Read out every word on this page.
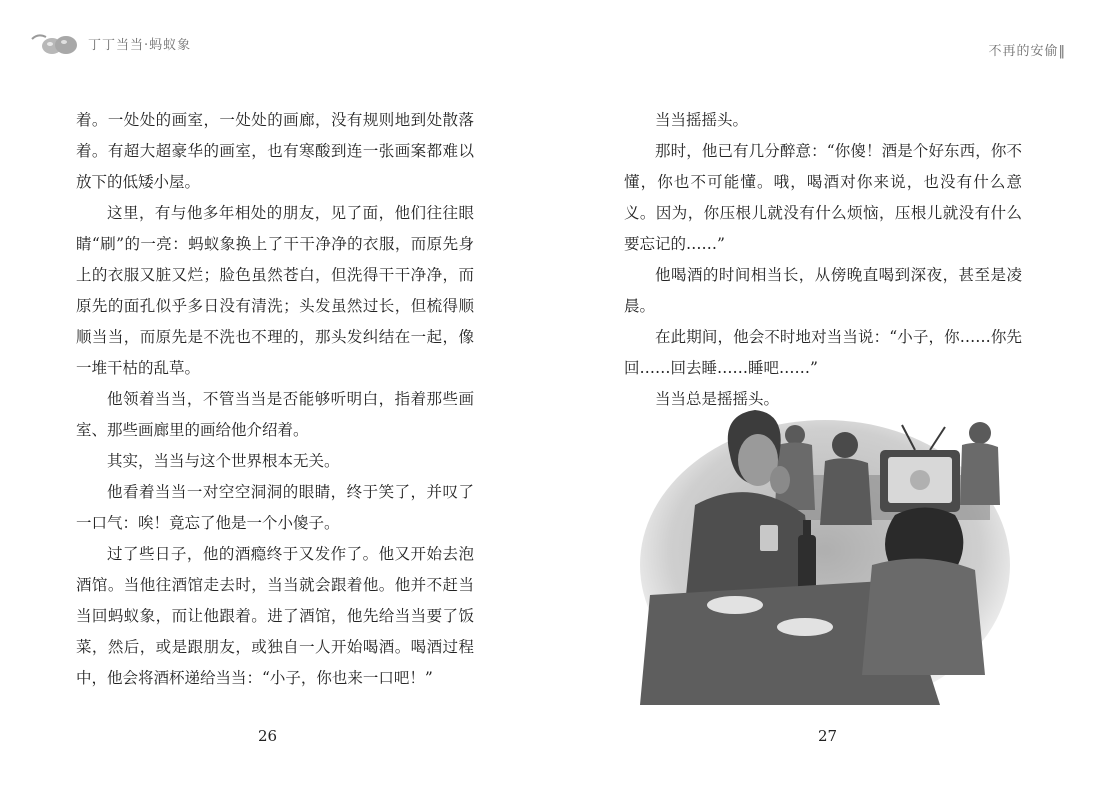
丁丁当当·蚂蚁象	不再的安偷‖

着。一处处的画室，一处处的画廊，没有规则地到处散落着。有超大超豪华的画室，也有寒酸到连一张画案都难以放下的低矮小屋。

这里，有与他多年相处的朋友，见了面，他们往往眼睛“刷”的一亮：蚂蚁象换上了干干净净的衣服，而原先身上的衣服又脏又烂；脸色虽然苍白，但洗得干干净净，而原先的面孔似乎多日没有清洗；头发虽然过长，但梳得顺顺当当，而原先是不洗也不理的，那头发纠结在一起，像一堆干枯的乱草。

他领着当当，不管当当是否能够听明白，指着那些画室、那些画廊里的画给他介绍着。

其实，当当与这个世界根本无关。

他看着当当一对空空洞洞的眼睛，终于笑了，并叹了一口气：唉！竟忘了他是一个小傻子。

过了些日子，他的酒瘾终于又发作了。他又开始去泡酒馆。当他往酒馆走去时，当当就会跟着他。他并不赶当当回蚂蚁象，而让他跟着。进了酒馆，他先给当当要了饭菜，然后，或是跟朋友，或独自一人开始喝酒。喝酒过程中，他会将酒杯递给当当：“小子，你也来一口吧！”

当当摇摇头。

那时，他已有几分醉意：“你傻！酒是个好东西，你不懂，你也不可能懂。哦，喝酒对你来说，也没有什么意义。因为，你压根儿就没有什么烦恼，压根儿就没有什么要忘记的……”

他喝酒的时间相当长，从傍晚直喝到深夜，甚至是凌晨。

在此期间，他会不时地对当当说：“小子，你……你先回……回去睡……睡吧……”

当当总是摇摇头。

26	27
